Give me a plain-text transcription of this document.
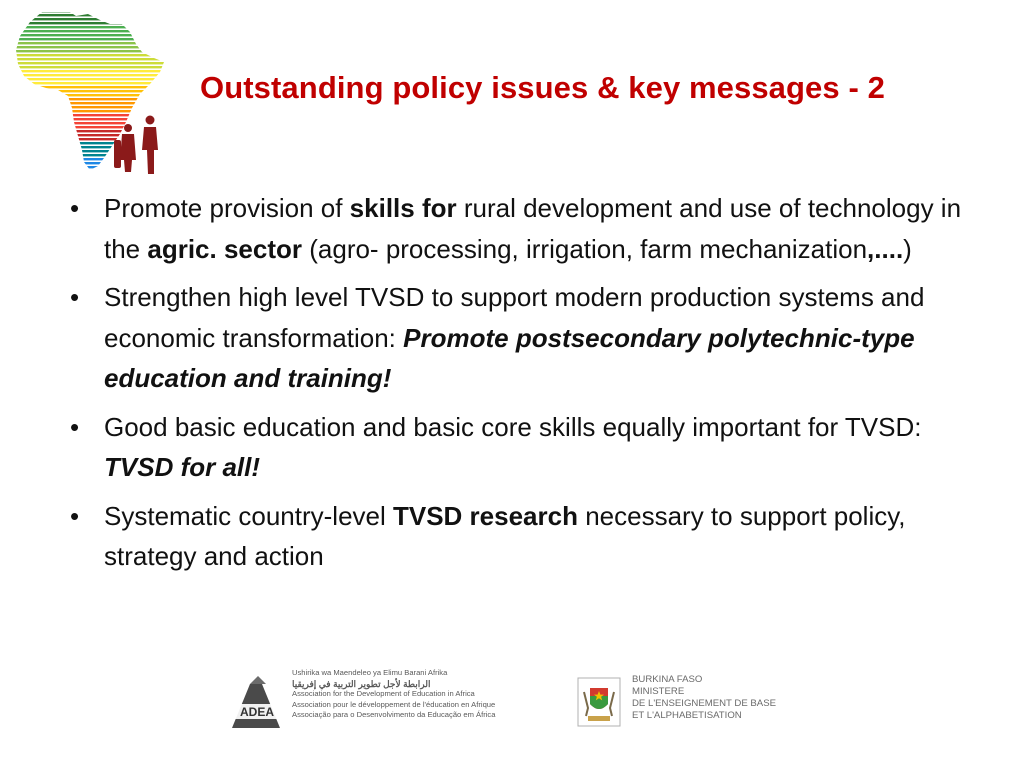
Outstanding policy issues & key messages - 2
• Promote provision of skills for rural development and use of technology in the agric. sector (agro- processing, irrigation, farm mechanization,....)
• Strengthen high level TVSD to support modern production systems and economic transformation: Promote postsecondary polytechnic-type education and training!
• Good basic education and basic core skills equally important for TVSD: TVSD for all!
• Systematic country-level TVSD research necessary to support policy, strategy and action
ADEA
Ushirika wa Maendeleo ya Elimu Barani Afrika
الرابطة لأجل تطوير التربية في إفريقيا
Association for the Development of Education in Africa
Association pour le développement de l'éducation en Afrique
Associação para o Desenvolvimento da Educação em África
BURKINA FASO
MINISTERE
DE L'ENSEIGNEMENT DE BASE
ET L'ALPHABETISATION
